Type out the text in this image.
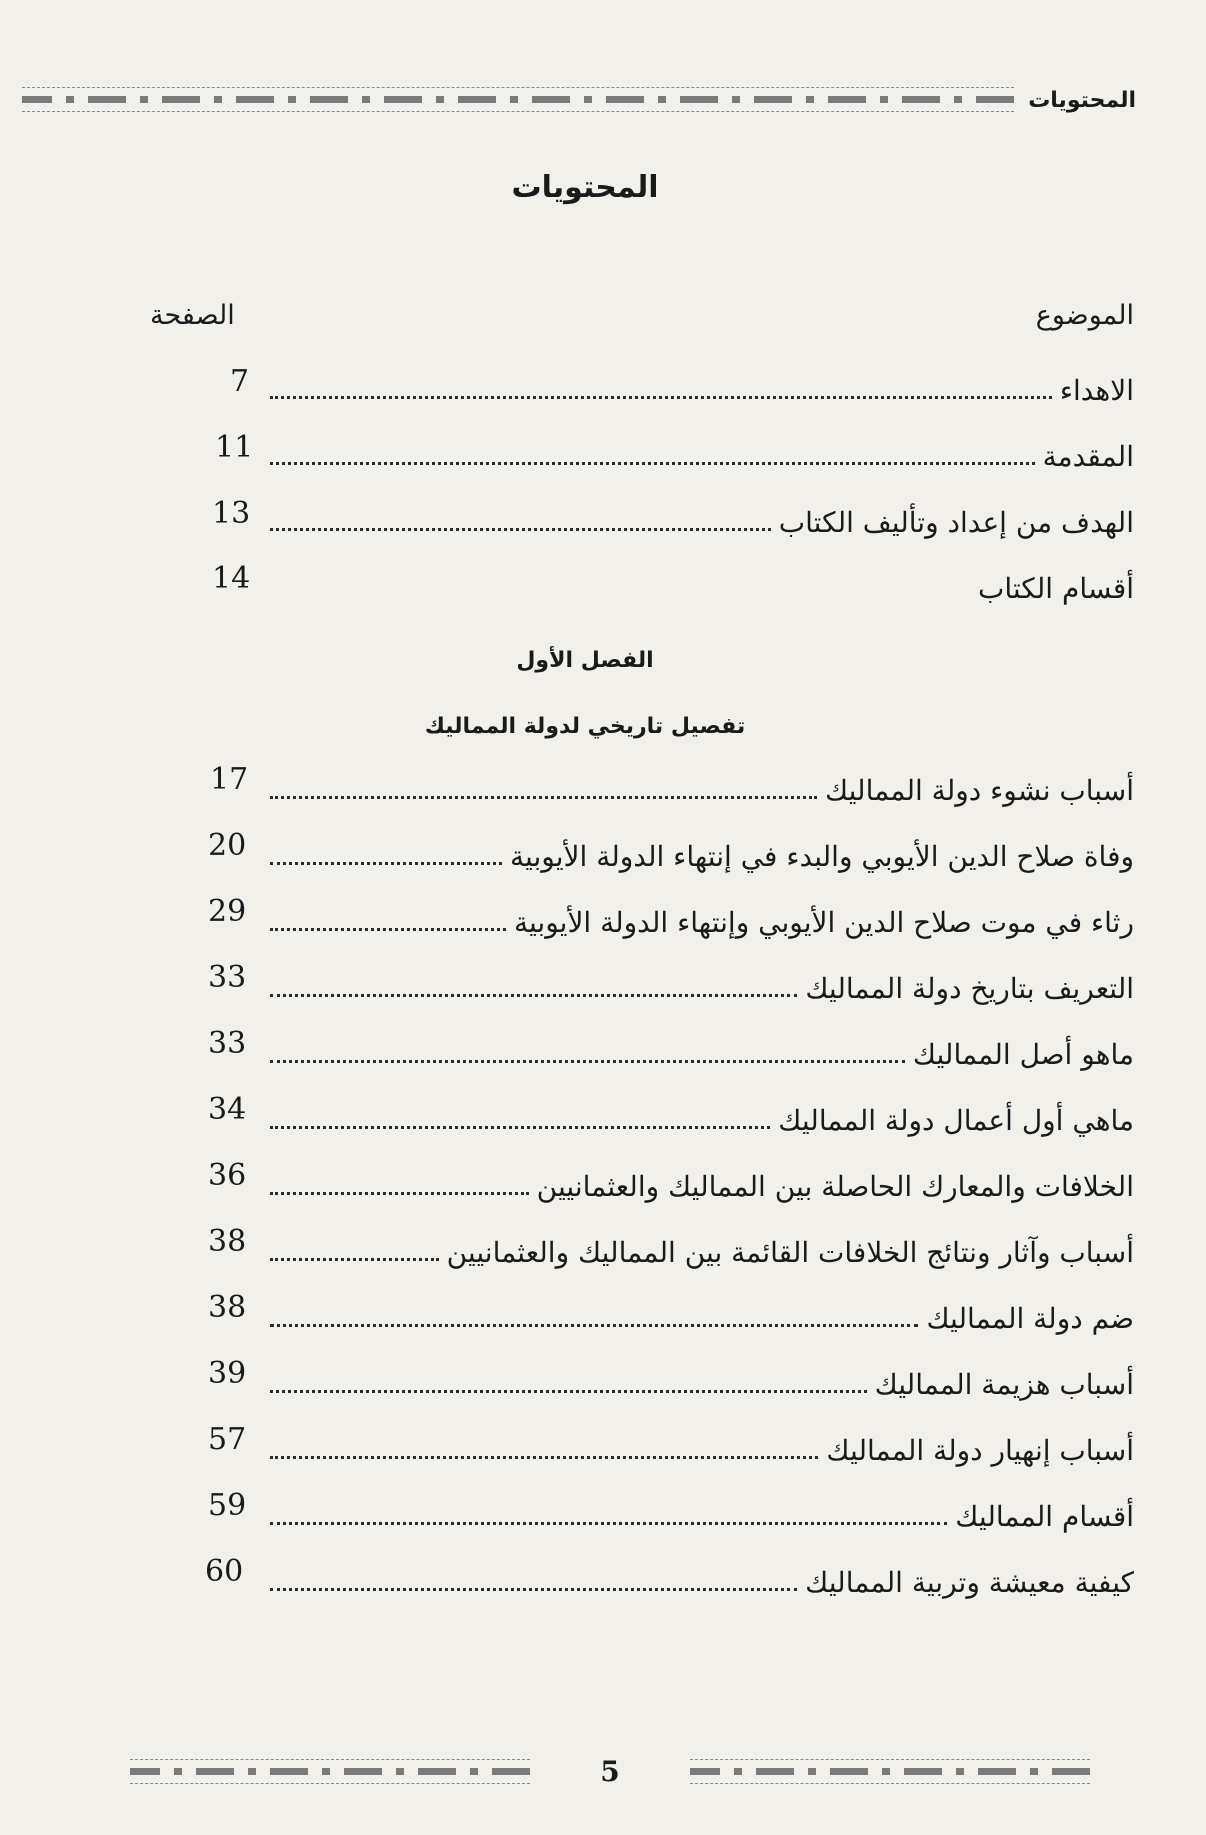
المحتويات
المحتويات
الموضوع
الصفحة
الاهداء
7
المقدمة
11
الهدف من إعداد وتأليف الكتاب
13
أقسام الكتاب
14
الفصل الأول
تفصيل تاريخي لدولة المماليك
أسباب نشوء دولة المماليك
17
وفاة صلاح الدين الأيوبي والبدء في إنتهاء الدولة الأيوبية
20
رثاء في موت صلاح الدين الأيوبي وإنتهاء الدولة الأيوبية
29
التعريف بتاريخ دولة المماليك
33
ماهو أصل المماليك
33
ماهي أول أعمال دولة المماليك
34
الخلافات والمعارك الحاصلة بين المماليك والعثمانيين
36
أسباب وآثار ونتائج الخلافات القائمة بين المماليك والعثمانيين
38
ضم دولة المماليك
38
أسباب هزيمة المماليك
39
أسباب إنهيار دولة المماليك
57
أقسام المماليك
59
كيفية معيشة وتربية المماليك
60
5
